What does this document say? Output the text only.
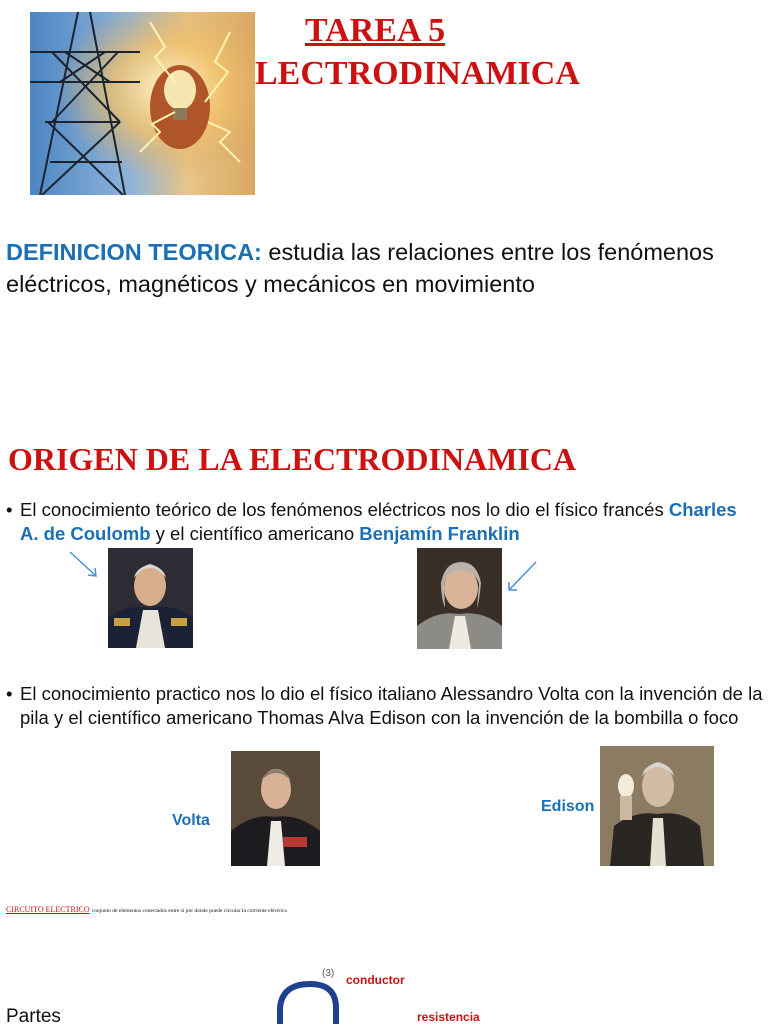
TAREA 5
LECTRODINAMICA
DEFINICION TEORICA: estudia las relaciones entre los fenómenos eléctricos, magnéticos y mecánicos en movimiento
ORIGEN DE LA ELECTRODINAMICA
• El conocimiento teórico de los fenómenos eléctricos nos lo dio el físico francés Charles A. de Coulomb y el científico americano Benjamín Franklin
• El conocimiento practico nos lo dio el físico italiano Alessandro Volta con la invención de la pila y el científico americano Thomas Alva Edison con la invención de la bombilla o foco
Volta
Edison
CIRCUITO ELECTRICO conjunto de elementos conectados entre si por donde puede circular la corriente eléctrica
Partes
(3) conductor
resistencia
